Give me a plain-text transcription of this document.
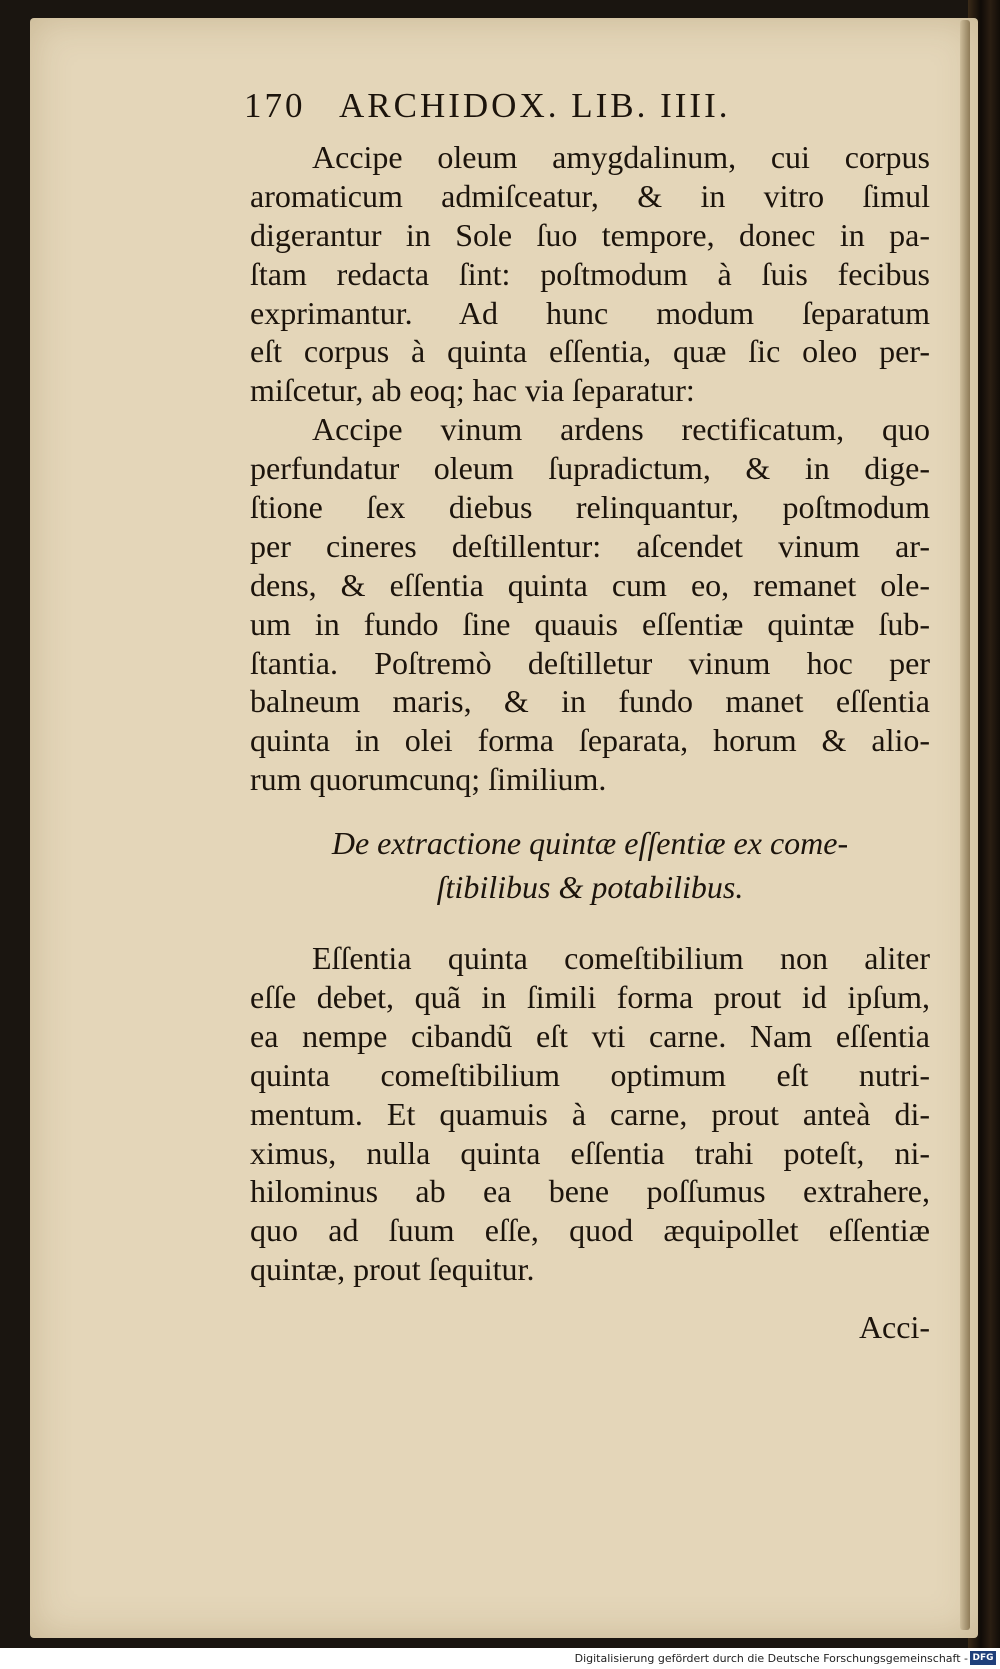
170 ARCHIDOX. LIB. IIII.
Accipe oleum amygdalinum, cui corpus
aromaticum admiſceatur, & in vitro ſimul
digerantur in Sole ſuo tempore, donec in pa-
ſtam redacta ſint: poſtmodum à ſuis fecibus
exprimantur. Ad hunc modum ſeparatum
eſt corpus à quinta eſſentia, quæ ſic oleo per-
miſcetur, ab eoq; hac via ſeparatur:
Accipe vinum ardens rectificatum, quo
perfundatur oleum ſupradictum, & in dige-
ſtione ſex diebus relinquantur, poſtmodum
per cineres deſtillentur: aſcendet vinum ar-
dens, & eſſentia quinta cum eo, remanet ole-
um in fundo ſine quauis eſſentiæ quintæ ſub-
ſtantia. Poſtremò deſtilletur vinum hoc per
balneum maris, & in fundo manet eſſentia
quinta in olei forma ſeparata, horum & alio-
rum quorumcunq; ſimilium.
De extractione quintæ eſſentiæ ex come-
ſtibilibus & potabilibus.
Eſſentia quinta comeſtibilium non aliter
eſſe debet, quã in ſimili forma prout id ipſum,
ea nempe cibandũ eſt vti carne. Nam eſſentia
quinta comeſtibilium optimum eſt nutri-
mentum. Et quamuis à carne, prout anteà di-
ximus, nulla quinta eſſentia trahi poteſt, ni-
hilominus ab ea bene poſſumus extrahere,
quo ad ſuum eſſe, quod æquipollet eſſentiæ
quintæ, prout ſequitur.
Acci-
Digitalisierung gefördert durch die Deutsche Forschungsgemeinschaft - DFG
